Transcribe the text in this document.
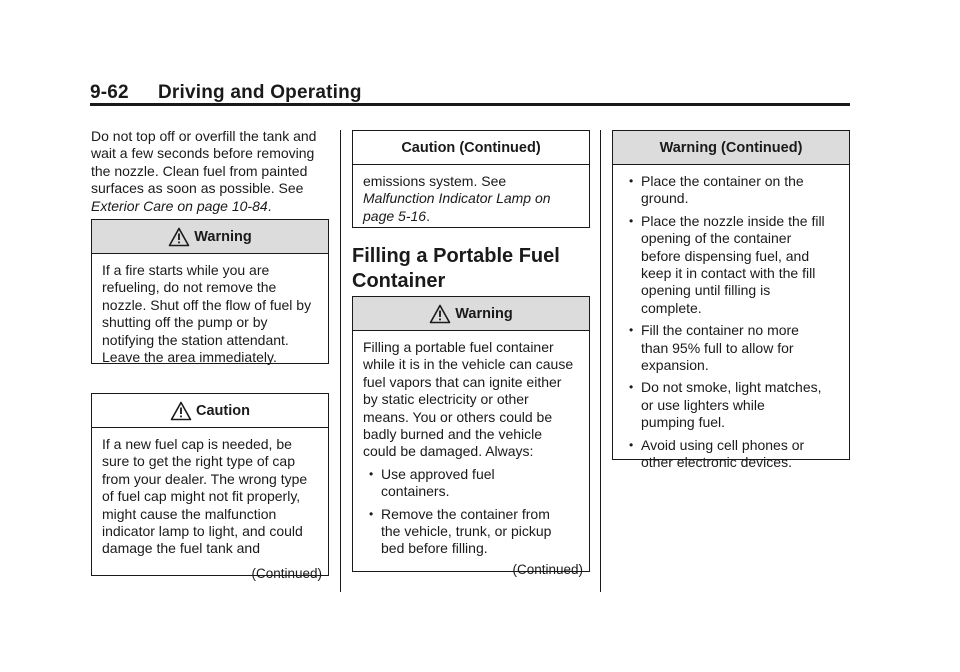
9-62 Driving and Operating
Do not top off or overfill the tank and
wait a few seconds before removing
the nozzle. Clean fuel from painted
surfaces as soon as possible. See
Exterior Care on page 10-84.
Warning
If a fire starts while you are
refueling, do not remove the
nozzle. Shut off the flow of fuel by
shutting off the pump or by
notifying the station attendant.
Leave the area immediately.
Caution
If a new fuel cap is needed, be
sure to get the right type of cap
from your dealer. The wrong type
of fuel cap might not fit properly,
might cause the malfunction
indicator lamp to light, and could
damage the fuel tank and
(Continued)
Caution (Continued)
emissions system. See
Malfunction Indicator Lamp on
page 5-16.
Filling a Portable Fuel
Container
Warning
Filling a portable fuel container
while it is in the vehicle can cause
fuel vapors that can ignite either
by static electricity or other
means. You or others could be
badly burned and the vehicle
could be damaged. Always:
• Use approved fuel
containers.
• Remove the container from
the vehicle, trunk, or pickup
bed before filling.
(Continued)
Warning (Continued)
• Place the container on the
ground.
• Place the nozzle inside the fill
opening of the container
before dispensing fuel, and
keep it in contact with the fill
opening until filling is
complete.
• Fill the container no more
than 95% full to allow for
expansion.
• Do not smoke, light matches,
or use lighters while
pumping fuel.
• Avoid using cell phones or
other electronic devices.
